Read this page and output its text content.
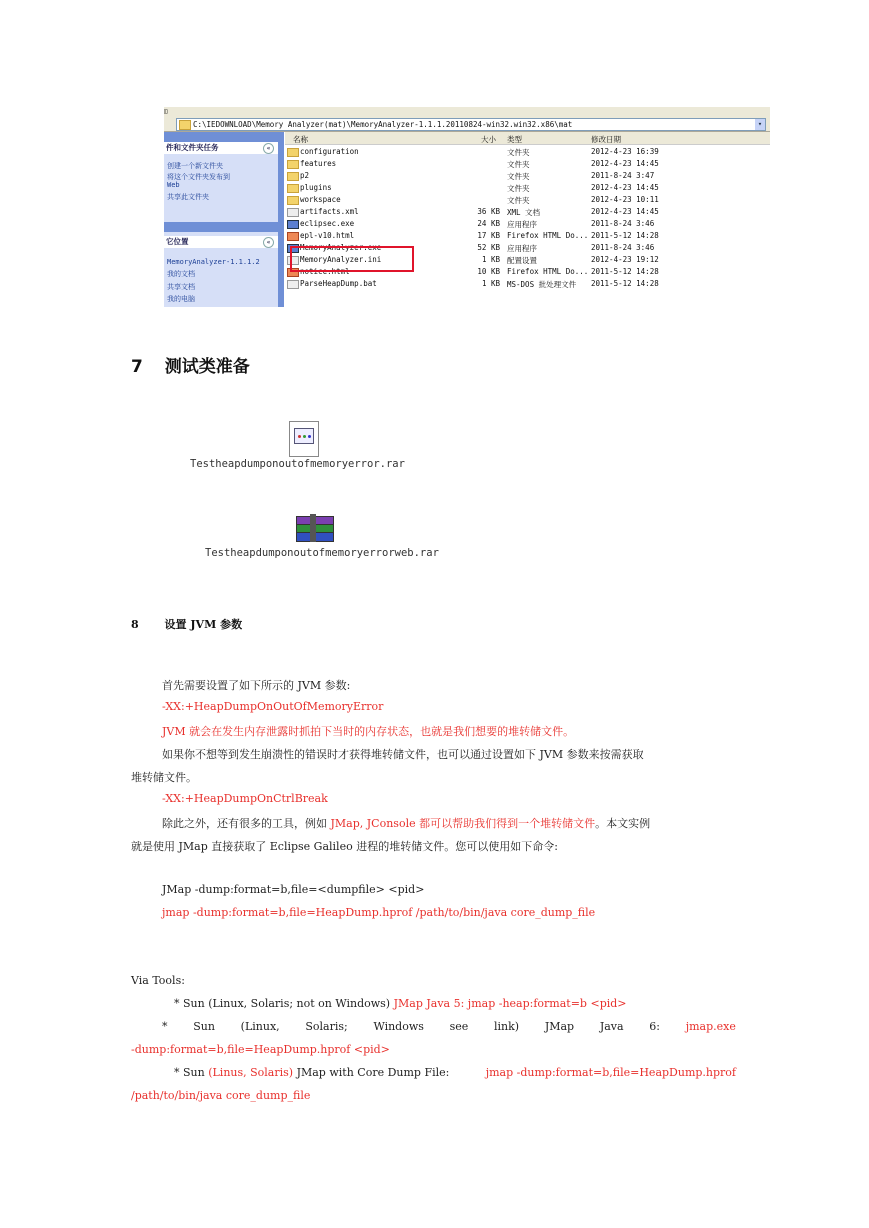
◫
C:\IEDOWNLOAD\Memory Analyzer(mat)\MemoryAnalyzer-1.1.1.20110824-win32.win32.x86\mat	▾
件和文件夹任务	«
创建一个新文件夹
将这个文件夹发布到
Web
共享此文件夹
它位置	«
MemoryAnalyzer-1.1.1.2
我的文档
共享文档
我的电脑
名称	大小 类型	修改日期
configuration	文件夹	2012-4-23 16:39
features	文件夹	2012-4-23 14:45
p2	文件夹	2011-8-24 3:47
plugins	文件夹	2012-4-23 14:45
workspace	文件夹	2012-4-23 10:11
artifacts.xml	36 KB XML 文档	2012-4-23 14:45
eclipsec.exe	24 KB 应用程序	2011-8-24 3:46
epl-v10.html	17 KB Firefox HTML Do... 2011-5-12 14:28
MemoryAnalyzer.exe	52 KB 应用程序	2011-8-24 3:46
MemoryAnalyzer.ini	1 KB 配置设置	2012-4-23 19:12
notice.html	10 KB Firefox HTML Do... 2011-5-12 14:28
ParseHeapDump.bat	1 KB MS-DOS 批处理文件 2011-5-12 14:28
7 测试类准备
Testheapdumponoutofmemoryerror.rar
Testheapdumponoutofmemoryerrorweb.rar
8 设置 JVM 参数
首先需要设置了如下所示的 JVM 参数:
-XX:+HeapDumpOnOutOfMemoryError
JVM 就会在发生内存泄露时抓拍下当时的内存状态，也就是我们想要的堆转储文件。
如果你不想等到发生崩溃性的错误时才获得堆转储文件，也可以通过设置如下 JVM 参数来按需获取
堆转储文件。
-XX:+HeapDumpOnCtrlBreak
除此之外，还有很多的工具，例如 JMap, JConsole 都可以帮助我们得到一个堆转储文件。本文实例
就是使用 JMap 直接获取了 Eclipse Galileo 进程的堆转储文件。您可以使用如下命令:
JMap -dump:format=b,file=<dumpfile> <pid>
jmap -dump:format=b,file=HeapDump.hprof /path/to/bin/java core_dump_file
Via Tools:
* Sun (Linux, Solaris; not on Windows) JMap Java 5: jmap -heap:format=b <pid>
* Sun (Linux, Solaris; Windows see link) JMap Java 6: jmap.exe
-dump:format=b,file=HeapDump.hprof <pid>
* Sun (Linus, Solaris) JMap with Core Dump File:	jmap -dump:format=b,file=HeapDump.hprof
/path/to/bin/java core_dump_file
